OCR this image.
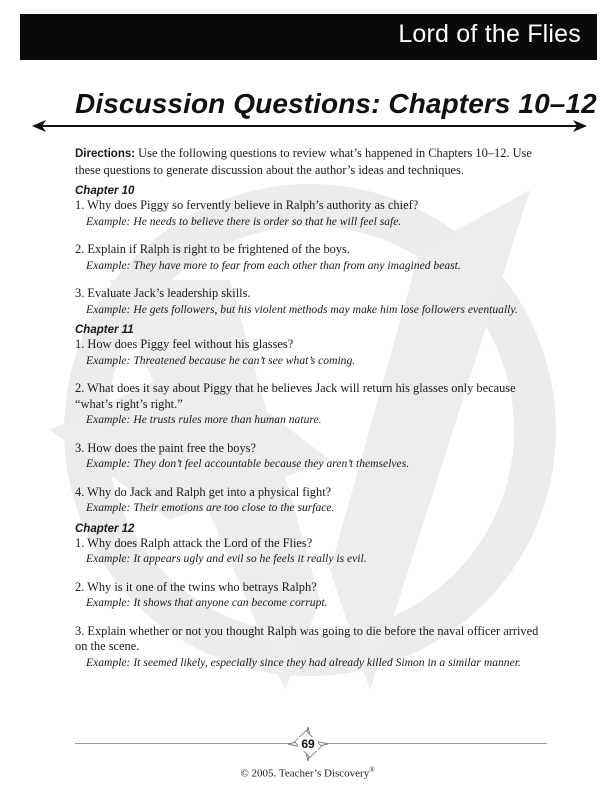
Lord of the Flies
Discussion Questions: Chapters 10–12

Directions: Use the following questions to review what’s happened in Chapters 10–12. Use these questions to generate discussion about the author’s ideas and techniques.

Chapter 10
1. Why does Piggy so fervently believe in Ralph’s authority as chief?
Example: He needs to believe there is order so that he will feel safe.
2. Explain if Ralph is right to be frightened of the boys.
Example: They have more to fear from each other than from any imagined beast.
3. Evaluate Jack’s leadership skills.
Example: He gets followers, but his violent methods may make him lose followers eventually.
Chapter 11
1. How does Piggy feel without his glasses?
Example: Threatened because he can’t see what’s coming.
2. What does it say about Piggy that he believes Jack will return his glasses only because “what’s right’s right.”
Example: He trusts rules more than human nature.
3. How does the paint free the boys?
Example: They don’t feel accountable because they aren’t themselves.
4. Why do Jack and Ralph get into a physical fight?
Example: Their emotions are too close to the surface.
Chapter 12
1. Why does Ralph attack the Lord of the Flies?
Example: It appears ugly and evil so he feels it really is evil.
2. Why is it one of the twins who betrays Ralph?
Example: It shows that anyone can become corrupt.
3. Explain whether or not you thought Ralph was going to die before the naval officer arrived on the scene.
Example: It seemed likely, especially since they had already killed Simon in a similar manner.
69
© 2005. Teacher’s Discovery®
